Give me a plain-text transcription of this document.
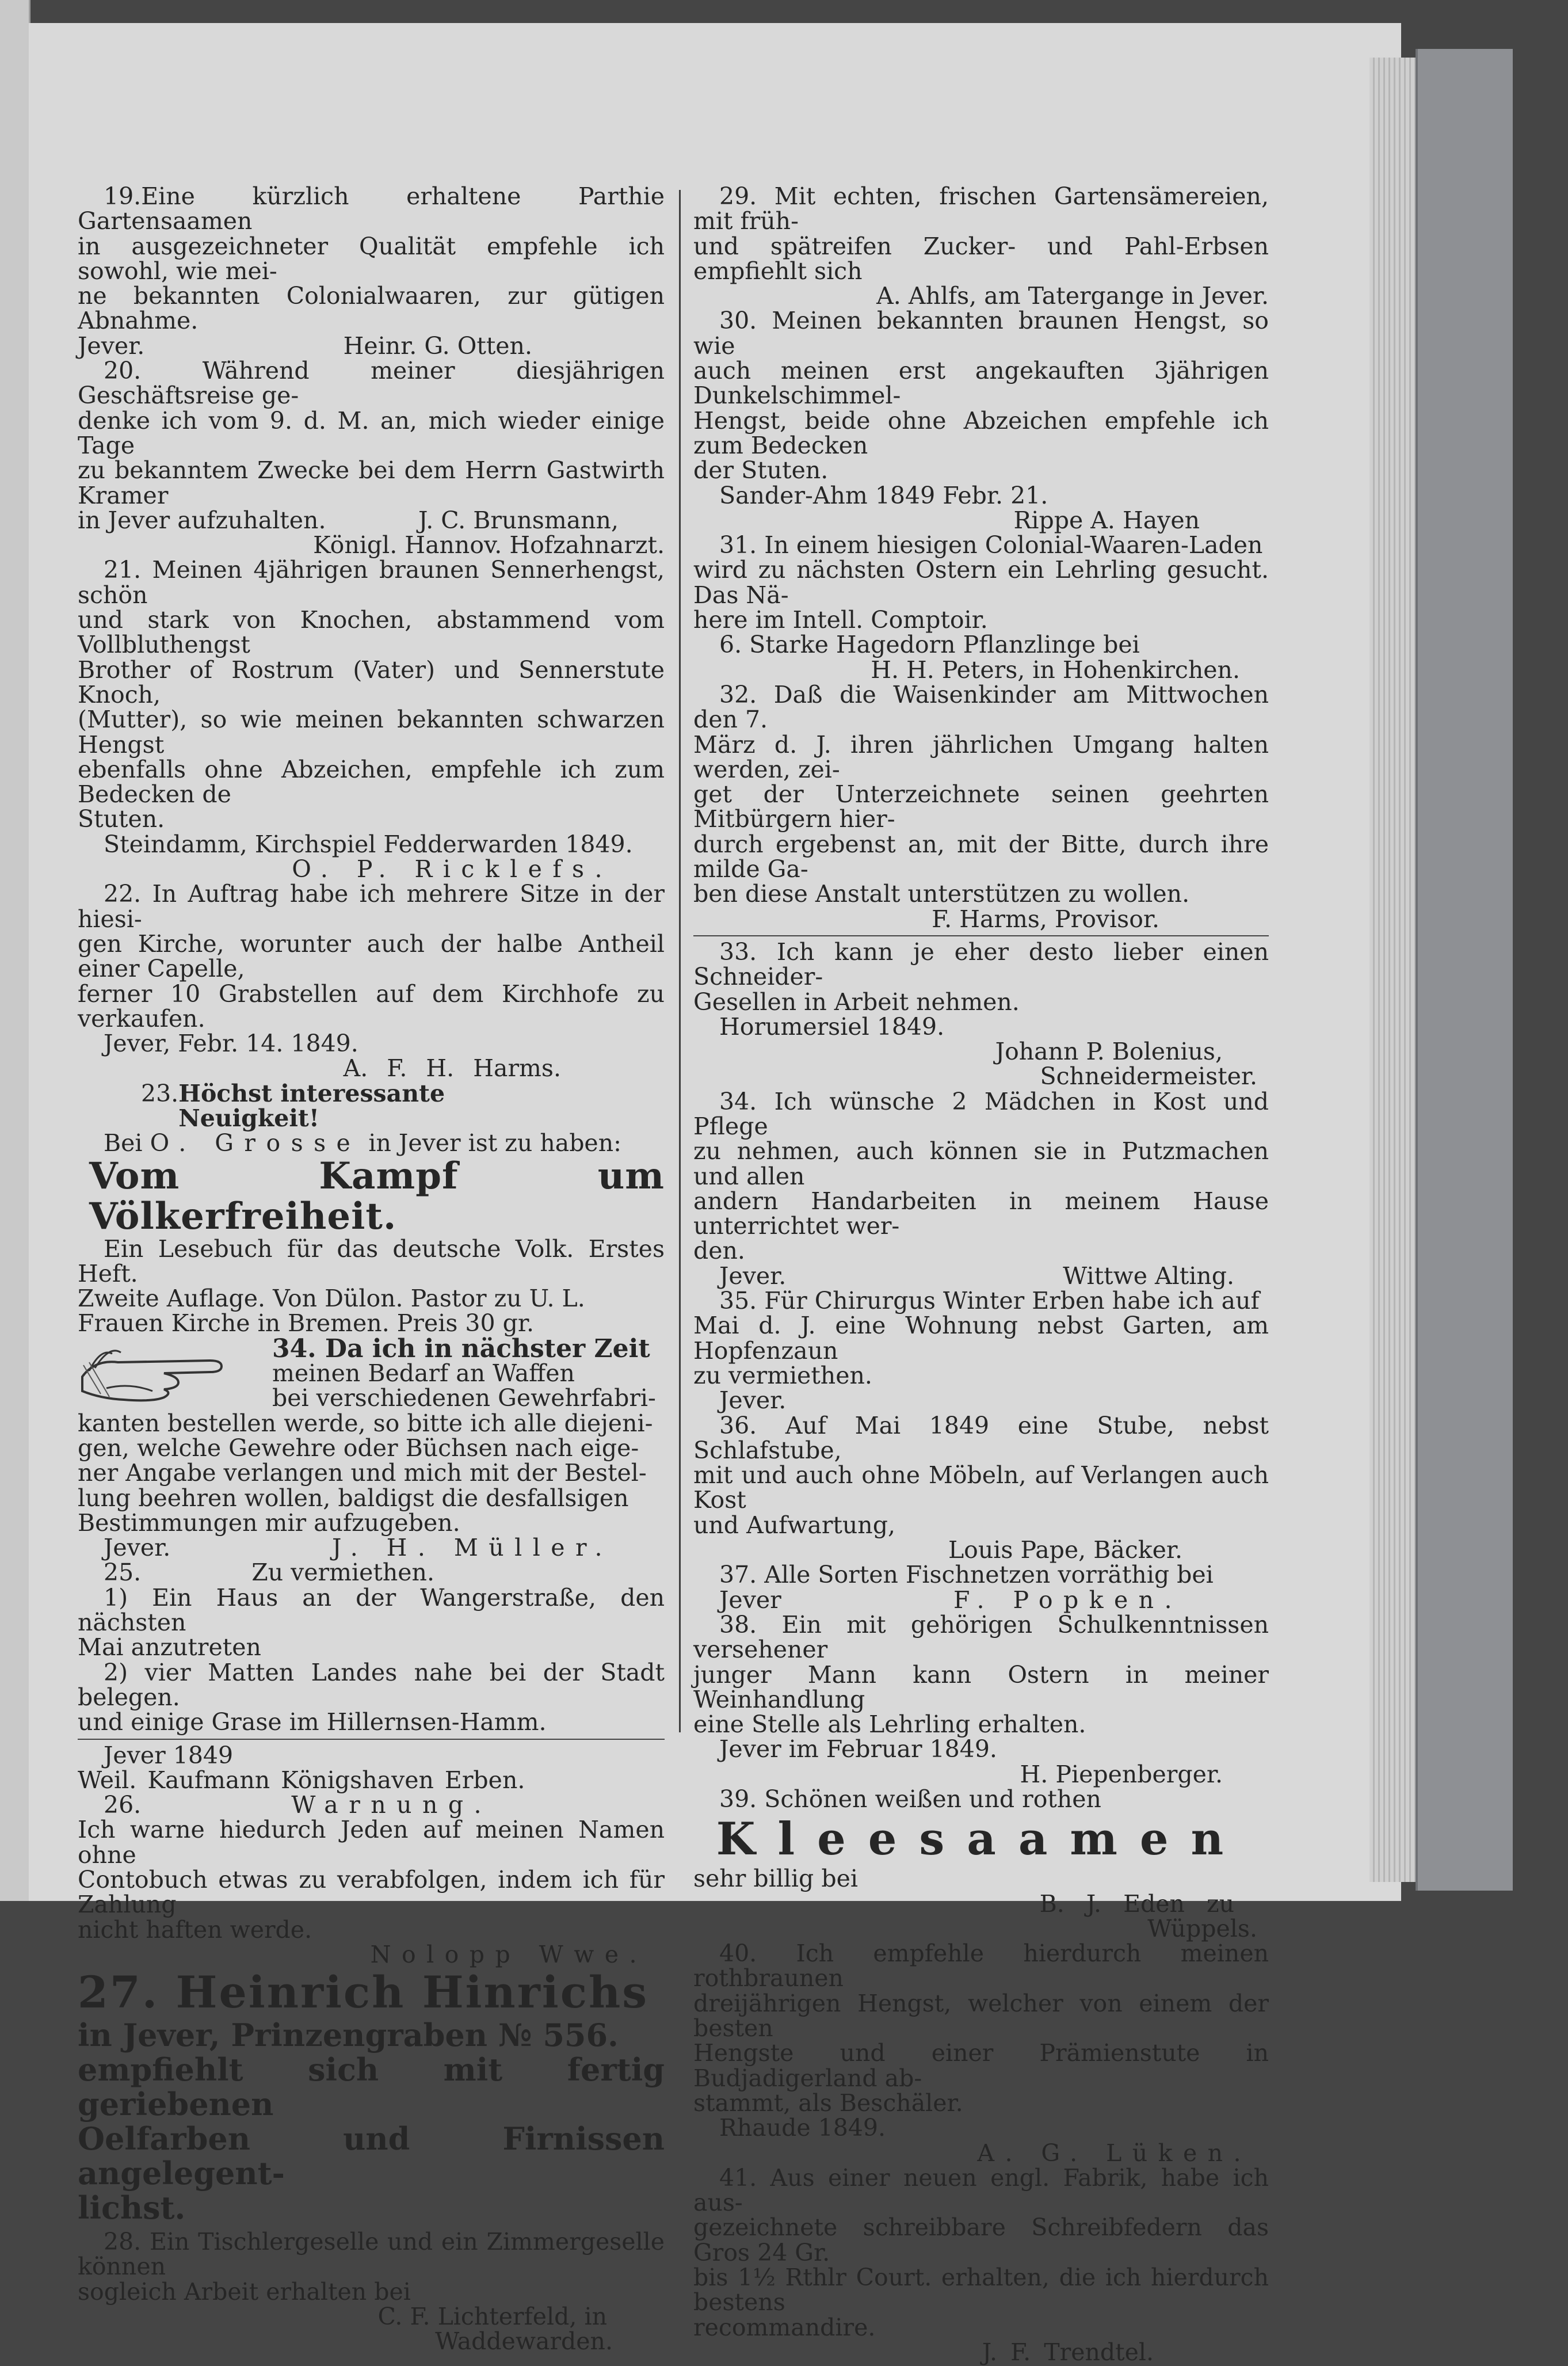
19.Eine kürzlich erhaltene Parthie Gartensaamen

in ausgezeichneter Qualität empfehle ich sowohl, wie mei-

ne bekannten Colonialwaaren, zur gütigen Abnahme.

Jever.	Heinr. G. Otten.

20. Während meiner diesjährigen Geschäftsreise ge-

denke ich vom 9. d. M. an, mich wieder einige Tage

zu bekanntem Zwecke bei dem Herrn Gastwirth Kramer

in Jever aufzuhalten.	J. C. Brunsmann,

Königl. Hannov. Hofzahnarzt.

21. Meinen 4jährigen braunen Sennerhengst, schön

und stark von Knochen, abstammend vom Vollbluthengst

Brother of Rostrum (Vater) und Sennerstute Knoch,

(Mutter), so wie meinen bekannten schwarzen Hengst

ebenfalls ohne Abzeichen, empfehle ich zum Bedecken de

Stuten.

Steindamm, Kirchspiel Fedderwarden 1849.

O. P. Ricklefs.

22. In Auftrag habe ich mehrere Sitze in der hiesi-

gen Kirche, worunter auch der halbe Antheil einer Capelle,

ferner 10 Grabstellen auf dem Kirchhofe zu verkaufen.

Jever, Febr. 14. 1849.

A. F. H. Harms.

23. Höchst interessante Neuigkeit!

Bei O. Grosse in Jever ist zu haben:

Vom Kampf um Völkerfreiheit.

Ein Lesebuch für das deutsche Volk. Erstes Heft.

Zweite Auflage. Von Dülon. Pastor zu U. L.

Frauen Kirche in Bremen. Preis 30 gr.

34. Da ich in nächster Zeit

meinen Bedarf an Waffen

bei verschiedenen Gewehrfabri-

kanten bestellen werde, so bitte ich alle diejeni-

gen, welche Gewehre oder Büchsen nach eige-

ner Angabe verlangen und mich mit der Bestel-

lung beehren wollen, baldigst die desfallsigen

Bestimmungen mir aufzugeben.

Jever.	J. H. Müller.
25.	Zu vermiethen.

1) Ein Haus an der Wangerstraße, den nächsten

Mai anzutreten

2) vier Matten Landes nahe bei der Stadt belegen.

und einige Grase im Hillernsen-Hamm.

Jever 1849

Weil. Kaufmann Königshaven Erben.

26.	Warnung.

Ich warne hiedurch Jeden auf meinen Namen ohne

Contobuch etwas zu verabfolgen, indem ich für Zahlung

nicht haften werde.

Nolopp Wwe.

27. Heinrich Hinrichs

in Jever, Prinzengraben № 556.

empfiehlt sich mit fertig geriebenen

Oelfarben und Firnissen angelegent-

lichst.

28. Ein Tischlergeselle und ein Zimmergeselle können

sogleich Arbeit erhalten bei

C. F. Lichterfeld, in

Waddewarden.

29. Mit echten, frischen Gartensämereien, mit früh-

und spätreifen Zucker- und Pahl-Erbsen empfiehlt sich

A. Ahlfs, am Tatergange in Jever.

30. Meinen bekannten braunen Hengst, so wie

auch meinen erst angekauften 3jährigen Dunkelschimmel-

Hengst, beide ohne Abzeichen empfehle ich zum Bedecken

der Stuten.

Sander-Ahm 1849 Febr. 21.

Rippe A. Hayen

31. In einem hiesigen Colonial-Waaren-Laden

wird zu nächsten Ostern ein Lehrling gesucht. Das Nä-

here im Intell. Comptoir.

6. Starke Hagedorn Pflanzlinge bei

H. H. Peters, in Hohenkirchen.

32. Daß die Waisenkinder am Mittwochen den 7.

März d. J. ihren jährlichen Umgang halten werden, zei-

get der Unterzeichnete seinen geehrten Mitbürgern hier-

durch ergebenst an, mit der Bitte, durch ihre milde Ga-

ben diese Anstalt unterstützen zu wollen.

F. Harms, Provisor.

33. Ich kann je eher desto lieber einen Schneider-

Gesellen in Arbeit nehmen.

Horumersiel 1849.

Johann P. Bolenius,

Schneidermeister.

34. Ich wünsche 2 Mädchen in Kost und Pflege

zu nehmen, auch können sie in Putzmachen und allen

andern Handarbeiten in meinem Hause unterrichtet wer-

den.

Jever.	Wittwe Alting.

35. Für Chirurgus Winter Erben habe ich auf

Mai d. J. eine Wohnung nebst Garten, am Hopfenzaun

zu vermiethen.

Jever.

36. Auf Mai 1849 eine Stube, nebst Schlafstube,

mit und auch ohne Möbeln, auf Verlangen auch Kost

und Aufwartung,

Louis Pape, Bäcker.

37. Alle Sorten Fischnetzen vorräthig bei

Jever	F. Popken.

38. Ein mit gehörigen Schulkenntnissen versehener

junger Mann kann Ostern in meiner Weinhandlung

eine Stelle als Lehrling erhalten.

Jever im Februar 1849.

H. Piepenberger.

39. Schönen weißen und rothen

Kleesaamen

sehr billig bei

B. J. Eden zu

Wüppels.

40. Ich empfehle hierdurch meinen rothbraunen

dreijährigen Hengst, welcher von einem der besten

Hengste und einer Prämienstute in Budjadigerland ab-

stammt, als Beschäler.

Rhaude 1849.

A. G. Lüken.

41. Aus einer neuen engl. Fabrik, habe ich aus-

gezeichnete schreibbare Schreibfedern das Gros 24 Gr.

bis 1½ Rthlr Court. erhalten, die ich hierdurch bestens

recommandire.

J. F. Trendtel.
